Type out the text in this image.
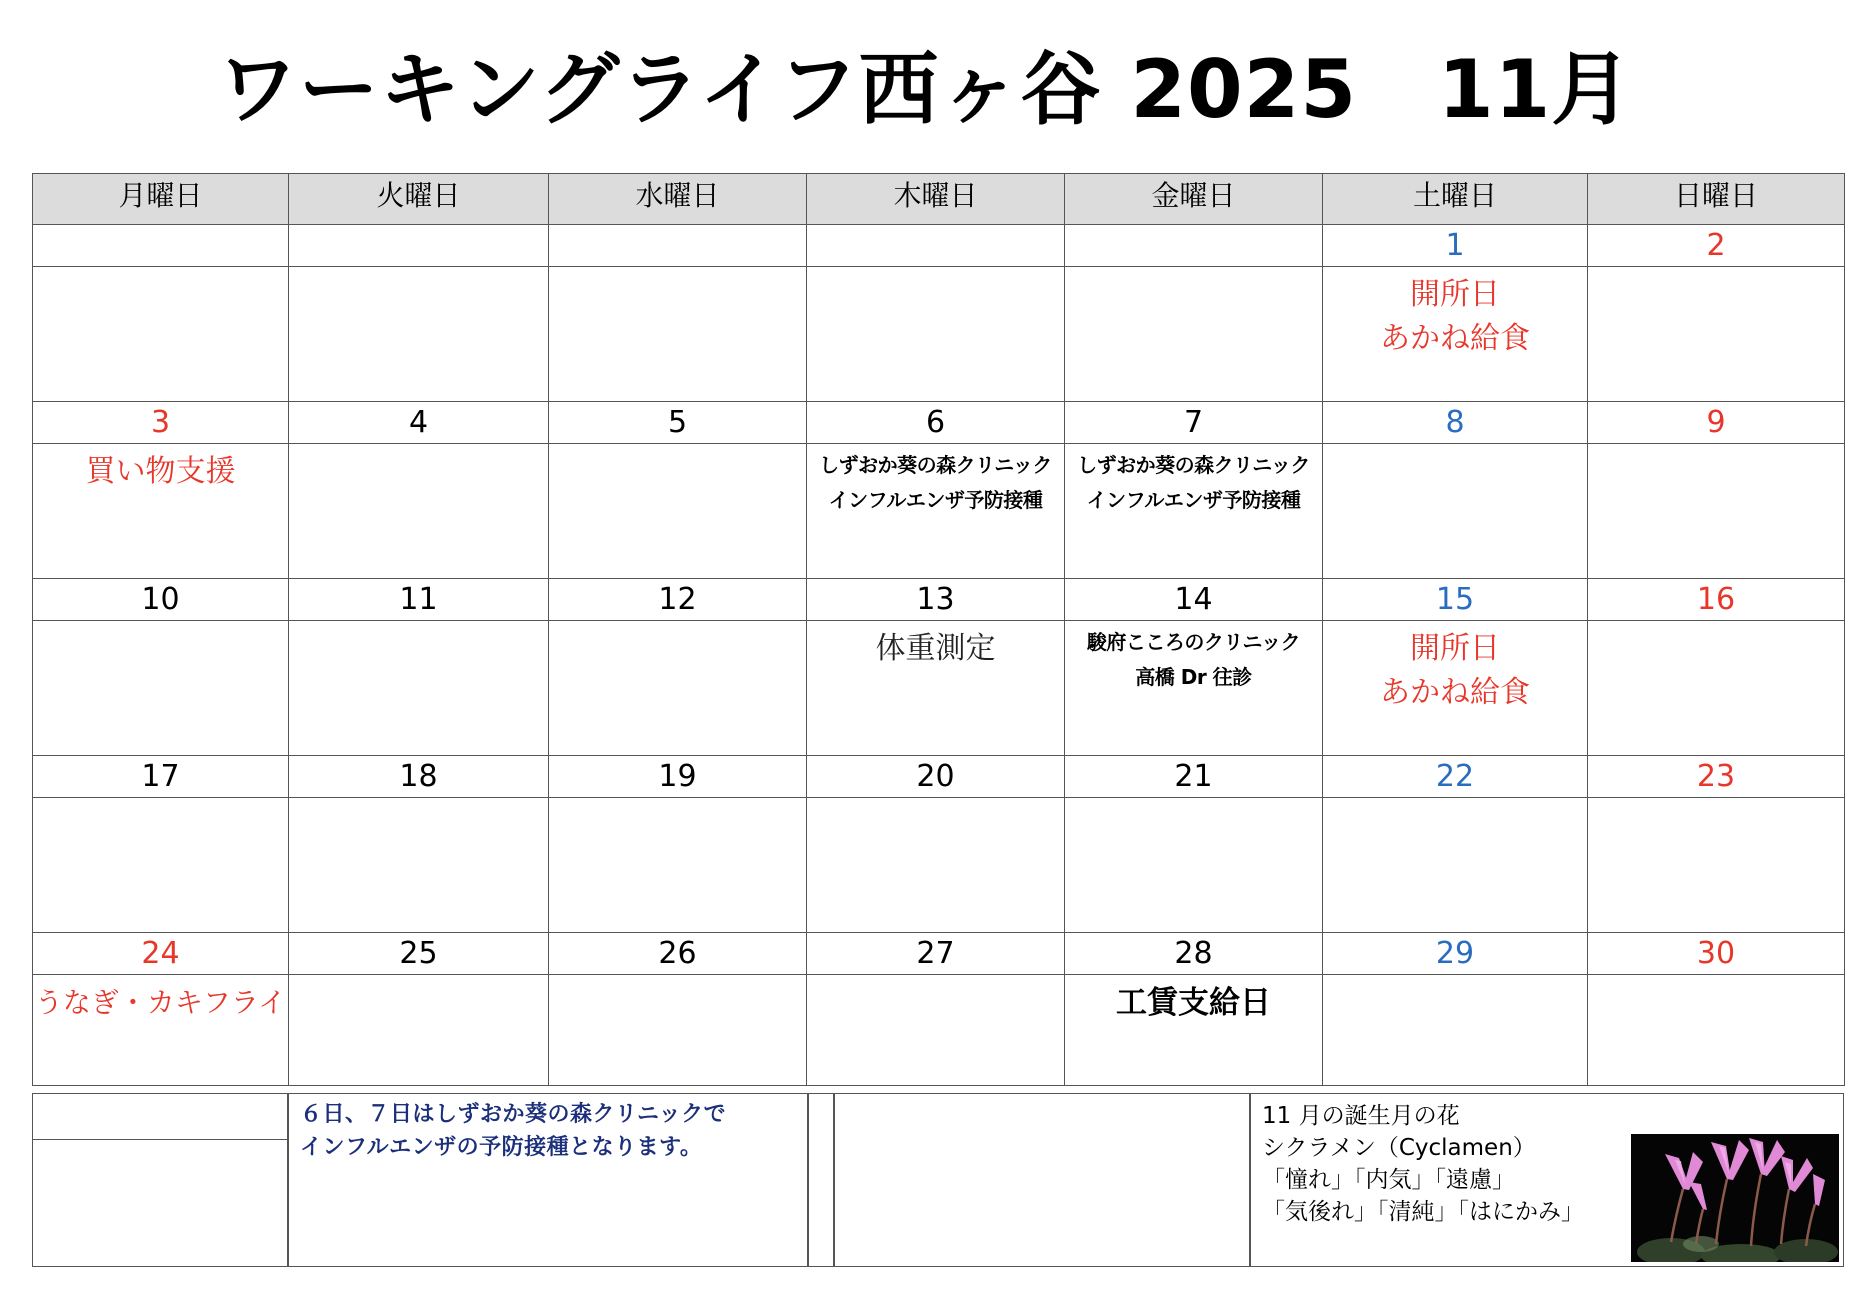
ワーキングライフ西ヶ谷 2025　11月
月曜日	火曜日	水曜日	木曜日	金曜日	土曜日	日曜日
					1	2

					開所日
あかね給食	

3	4	5	6	7	8	9

買い物支援			しずおか葵の森クリニック
インフルエンザ予防接種	しずおか葵の森クリニック
インフルエンザ予防接種		

10	11	12	13	14	15	16

			体重測定	駿府こころのクリニック
高橋 Dr 往診	開所日
あかね給食	

17	18	19	20	21	22	23

24	25	26	27	28	29	30

うなぎ・カキフライ				工賃支給日		

６日、７日はしずおか葵の森クリニックで
インフルエンザの予防接種となります。
11 月の誕生月の花
シクラメン（Cyclamen）
「憧れ」「内気」「遠慮」
「気後れ」「清純」「はにかみ」
